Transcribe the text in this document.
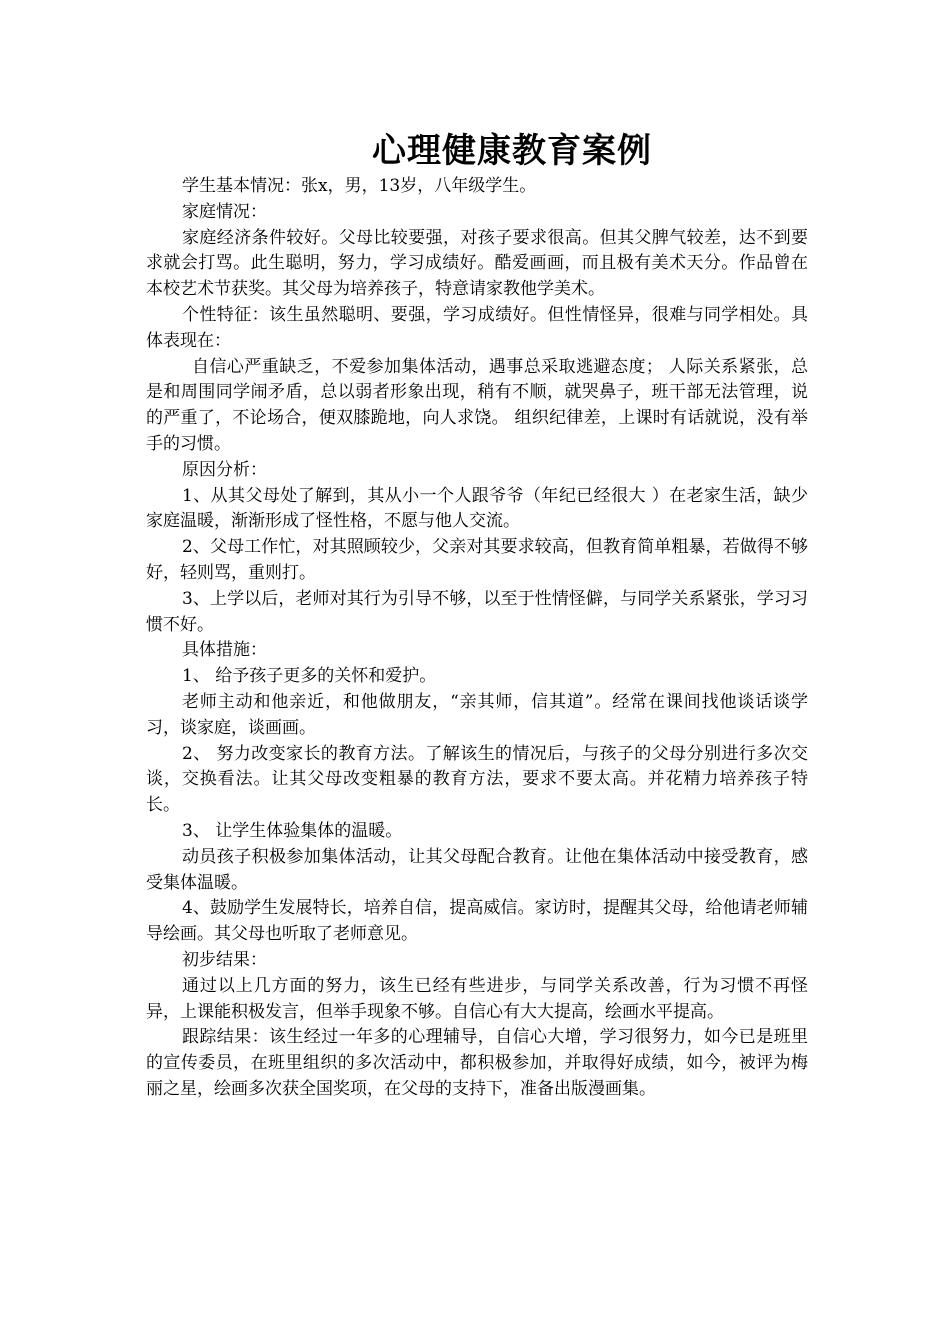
心理健康教育案例

学生基本情况：张x，男，13岁，八年级学生。

家庭情况：

家庭经济条件较好。父母比较要强，对孩子要求很高。但其父脾气较差，达不到要求就会打骂。此生聪明，努力，学习成绩好。酷爱画画，而且极有美术天分。作品曾在本校艺术节获奖。其父母为培养孩子，特意请家教他学美术。

个性特征：该生虽然聪明、要强，学习成绩好。但性情怪异，很难与同学相处。具体表现在：

自信心严重缺乏，不爱参加集体活动，遇事总采取逃避态度； 人际关系紧张，总是和周围同学闹矛盾，总以弱者形象出现，稍有不顺，就哭鼻子，班干部无法管理，说的严重了，不论场合，便双膝跪地，向人求饶。 组织纪律差，上课时有话就说，没有举手的习惯。

原因分析：

1、从其父母处了解到，其从小一个人跟爷爷（年纪已经很大 ）在老家生活，缺少家庭温暖，渐渐形成了怪性格，不愿与他人交流。

2、父母工作忙，对其照顾较少，父亲对其要求较高，但教育简单粗暴，若做得不够好，轻则骂，重则打。

3、上学以后，老师对其行为引导不够，以至于性情怪僻，与同学关系紧张，学习习惯不好。

具体措施：

1、 给予孩子更多的关怀和爱护。

老师主动和他亲近，和他做朋友，“亲其师，信其道”。经常在课间找他谈话谈学习，谈家庭，谈画画。

2、 努力改变家长的教育方法。了解该生的情况后，与孩子的父母分别进行多次交谈，交换看法。让其父母改变粗暴的教育方法，要求不要太高。并花精力培养孩子特长。

3、 让学生体验集体的温暖。

动员孩子积极参加集体活动，让其父母配合教育。让他在集体活动中接受教育，感受集体温暖。

4、鼓励学生发展特长，培养自信，提高威信。家访时，提醒其父母，给他请老师辅导绘画。其父母也听取了老师意见。

初步结果：

通过以上几方面的努力，该生已经有些进步，与同学关系改善，行为习惯不再怪异，上课能积极发言，但举手现象不够。自信心有大大提高，绘画水平提高。

跟踪结果：该生经过一年多的心理辅导，自信心大增，学习很努力，如今已是班里的宣传委员，在班里组织的多次活动中，都积极参加，并取得好成绩，如今，被评为梅丽之星，绘画多次获全国奖项，在父母的支持下，准备出版漫画集。
